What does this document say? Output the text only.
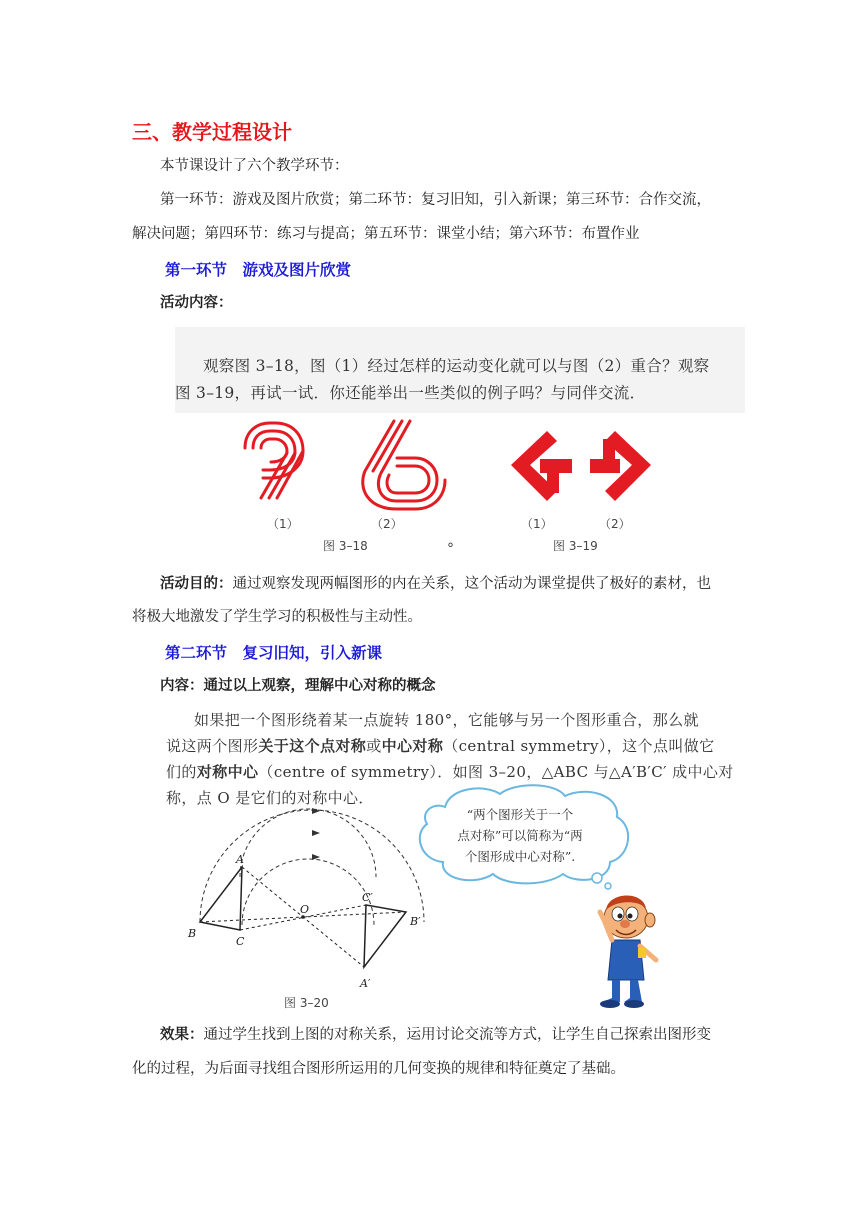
三、教学过程设计
本节课设计了六个教学环节：
第一环节：游戏及图片欣赏；第二环节：复习旧知，引入新课；第三环节：合作交流，
解决问题；第四环节：练习与提高；第五环节：课堂小结；第六环节：布置作业
第一环节　游戏及图片欣赏
活动内容：
观察图 3–18，图（1）经过怎样的运动变化就可以与图（2）重合？观察
图 3–19，再试一试．你还能举出一些类似的例子吗？与同伴交流．
（1）	（2）
图 3–18
（1）	（2）
图 3–19
°
活动目的：通过观察发现两幅图形的内在关系，这个活动为课堂提供了极好的素材，也
将极大地激发了学生学习的积极性与主动性。
第二环节　复习旧知，引入新课
内容：通过以上观察，理解中心对称的概念
如果把一个图形绕着某一点旋转 180°，它能够与另一个图形重合，那么就
说这两个图形关于这个点对称或中心对称（central symmetry），这个点叫做它
们的对称中心（centre of symmetry）．如图 3–20，△ABC 与△A′B′C′ 成中心对
称，点 O 是它们的对称中心．
A
B
C
O
A′
B′
C′
图 3–20
“两个图形关于一个
点对称”可以简称为“两
个图形成中心对称”.
效果：通过学生找到上图的对称关系，运用讨论交流等方式，让学生自己探索出图形变
化的过程，为后面寻找组合图形所运用的几何变换的规律和特征奠定了基础。
